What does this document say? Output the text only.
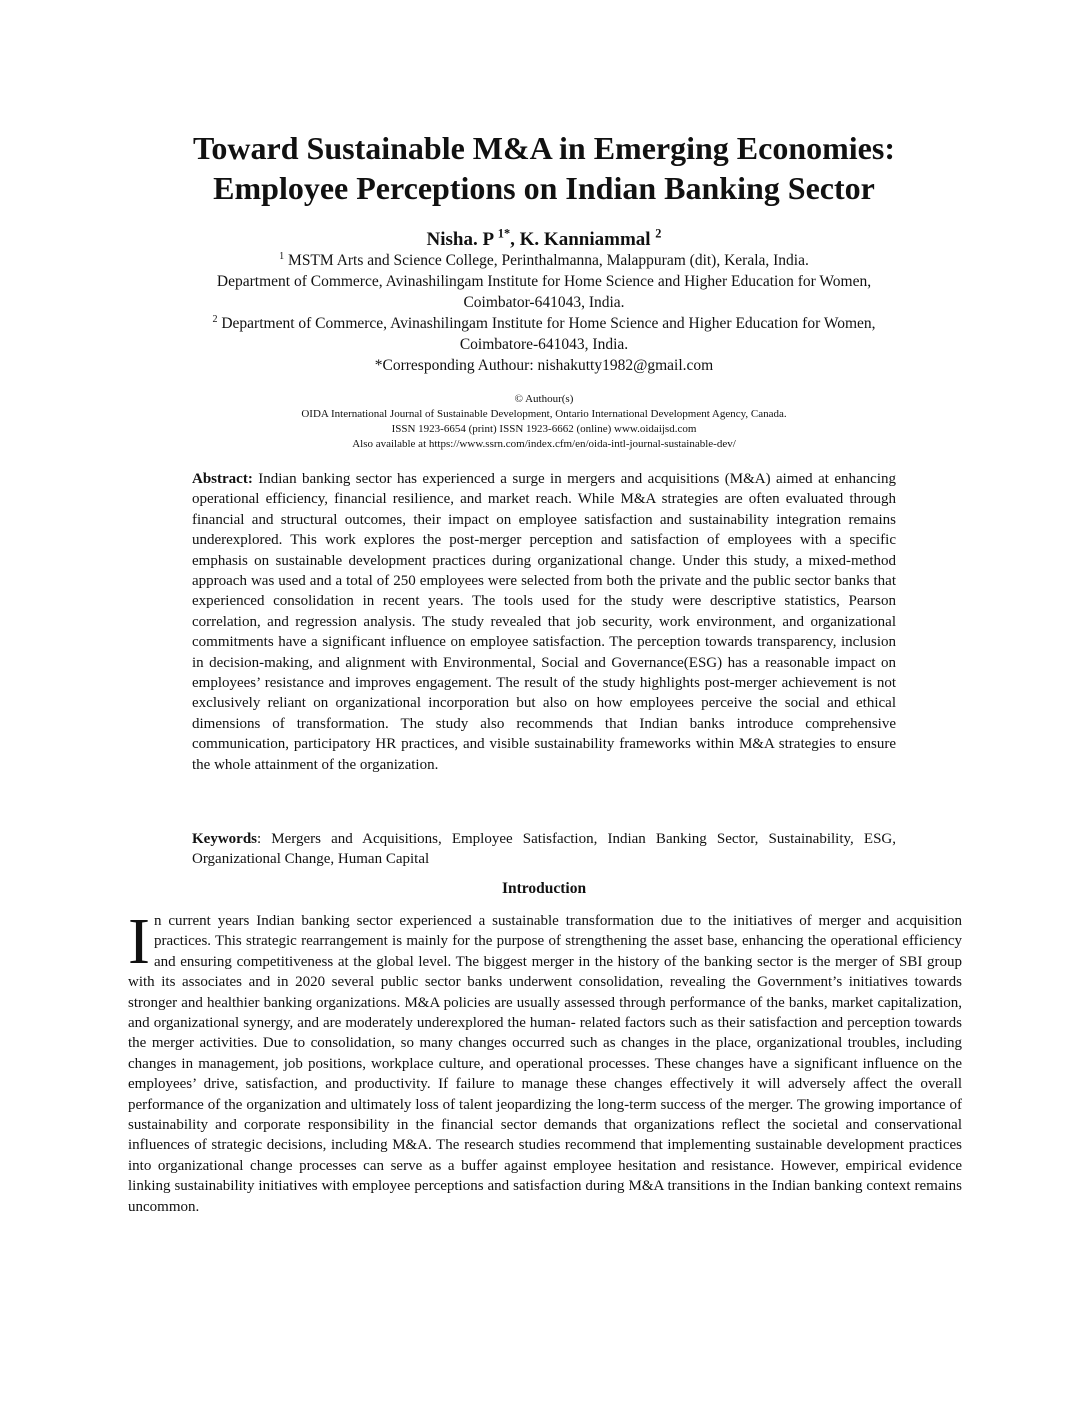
Toward Sustainable M&A in Emerging Economies:
Employee Perceptions on Indian Banking Sector

Nisha. P $^{1*}$, K. Kanniammal $^2$

$^1$ MSTM Arts and Science College, Perinthalmanna, Malappuram (dit), Kerala, India.
Department of Commerce, Avinashilingam Institute for Home Science and Higher Education for Women,
Coimbator-641043, India.
$^2$ Department of Commerce, Avinashilingam Institute for Home Science and Higher Education for Women,
Coimbatore-641043, India.
*Corresponding Authour: nishakutty1982@gmail.com
© Authour(s)
OIDA International Journal of Sustainable Development, Ontario International Development Agency, Canada.
ISSN 1923-6654 (print) ISSN 1923-6662 (online) www.oidaijsd.com
Also available at https://www.ssrn.com/index.cfm/en/oida-intl-journal-sustainable-dev/

Abstract: Indian banking sector has experienced a surge in mergers and acquisitions (M&A) aimed at enhancing operational efficiency, financial resilience, and market reach. While M&A strategies are often evaluated through financial and structural outcomes, their impact on employee satisfaction and sustainability integration remains underexplored. This work explores the post-merger perception and satisfaction of employees with a specific emphasis on sustainable development practices during organizational change. Under this study, a mixed-method approach was used and a total of 250 employees were selected from both the private and the public sector banks that experienced consolidation in recent years. The tools used for the study were descriptive statistics, Pearson correlation, and regression analysis. The study revealed that job security, work environment, and organizational commitments have a significant influence on employee satisfaction. The perception towards transparency, inclusion in decision-making, and alignment with Environmental, Social and Governance(ESG) has a reasonable impact on employees’ resistance and improves engagement. The result of the study highlights post-merger achievement is not exclusively reliant on organizational incorporation but also on how employees perceive the social and ethical dimensions of transformation. The study also recommends that Indian banks introduce comprehensive communication, participatory HR practices, and visible sustainability frameworks within M&A strategies to ensure the whole attainment of the organization.

Keywords: Mergers and Acquisitions, Employee Satisfaction, Indian Banking Sector, Sustainability, ESG, Organizational Change, Human Capital

Introduction

In current years Indian banking sector experienced a sustainable transformation due to the initiatives of merger and acquisition practices. This strategic rearrangement is mainly for the purpose of strengthening the asset base, enhancing the operational efficiency and ensuring competitiveness at the global level. The biggest merger in the history of the banking sector is the merger of SBI group with its associates and in 2020 several public sector banks underwent consolidation, revealing the Government’s initiatives towards stronger and healthier banking organizations. M&A policies are usually assessed through performance of the banks, market capitalization, and organizational synergy, and are moderately underexplored the human- related factors such as their satisfaction and perception towards the merger activities. Due to consolidation, so many changes occurred such as changes in the place, organizational troubles, including changes in management, job positions, workplace culture, and operational processes. These changes have a significant influence on the employees’ drive, satisfaction, and productivity. If failure to manage these changes effectively it will adversely affect the overall performance of the organization and ultimately loss of talent jeopardizing the long-term success of the merger. The growing importance of sustainability and corporate responsibility in the financial sector demands that organizations reflect the societal and conservational influences of strategic decisions, including M&A. The research studies recommend that implementing sustainable development practices into organizational change processes can serve as a buffer against employee hesitation and resistance. However, empirical evidence linking sustainability initiatives with employee perceptions and satisfaction during M&A transitions in the Indian banking context remains uncommon.
